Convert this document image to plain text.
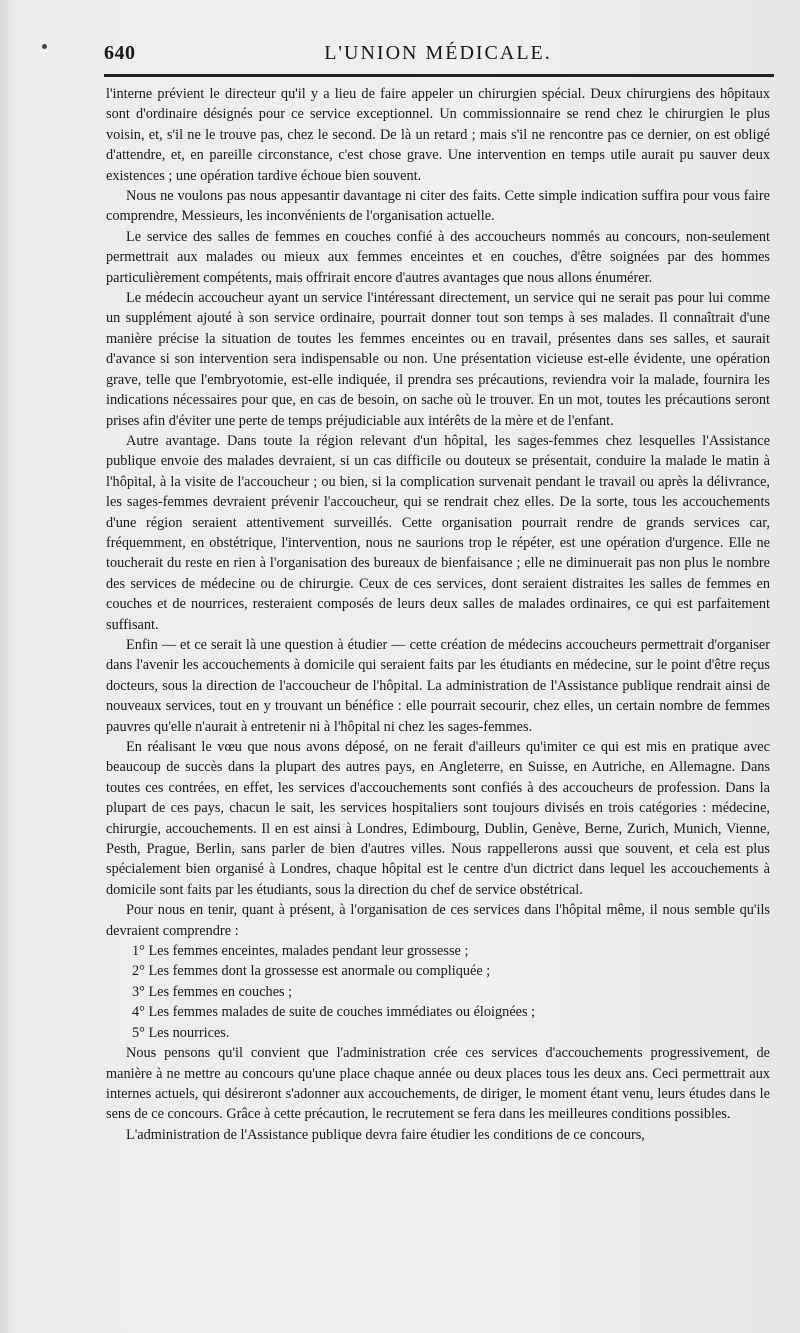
640	L'UNION MÉDICALE.

l'interne prévient le directeur qu'il y a lieu de faire appeler un chirurgien spécial. Deux chirurgiens des hôpitaux sont d'ordinaire désignés pour ce service exceptionnel. Un commissionnaire se rend chez le chirurgien le plus voisin, et, s'il ne le trouve pas, chez le second. De là un retard ; mais s'il ne rencontre pas ce dernier, on est obligé d'attendre, et, en pareille circonstance, c'est chose grave. Une intervention en temps utile aurait pu sauver deux existences ; une opération tardive échoue bien souvent.

Nous ne voulons pas nous appesantir davantage ni citer des faits. Cette simple indication suffira pour vous faire comprendre, Messieurs, les inconvénients de l'organisation actuelle.

Le service des salles de femmes en couches confié à des accoucheurs nommés au concours, non-seulement permettrait aux malades ou mieux aux femmes enceintes et en couches, d'être soignées par des hommes particulièrement compétents, mais offrirait encore d'autres avantages que nous allons énumérer.

Le médecin accoucheur ayant un service l'intéressant directement, un service qui ne serait pas pour lui comme un supplément ajouté à son service ordinaire, pourrait donner tout son temps à ses malades. Il connaîtrait d'une manière précise la situation de toutes les femmes enceintes ou en travail, présentes dans ses salles, et saurait d'avance si son intervention sera indispensable ou non. Une présentation vicieuse est-elle évidente, une opération grave, telle que l'embryotomie, est-elle indiquée, il prendra ses précautions, reviendra voir la malade, fournira les indications nécessaires pour que, en cas de besoin, on sache où le trouver. En un mot, toutes les précautions seront prises afin d'éviter une perte de temps préjudiciable aux intérêts de la mère et de l'enfant.

Autre avantage. Dans toute la région relevant d'un hôpital, les sages-femmes chez lesquelles l'Assistance publique envoie des malades devraient, si un cas difficile ou douteux se présentait, conduire la malade le matin à l'hôpital, à la visite de l'accoucheur ; ou bien, si la complication survenait pendant le travail ou après la délivrance, les sages-femmes devraient prévenir l'accoucheur, qui se rendrait chez elles. De la sorte, tous les accouchements d'une région seraient attentivement surveillés. Cette organisation pourrait rendre de grands services car, fréquemment, en obstétrique, l'intervention, nous ne saurions trop le répéter, est une opération d'urgence. Elle ne toucherait du reste en rien à l'organisation des bureaux de bienfaisance ; elle ne diminuerait pas non plus le nombre des services de médecine ou de chirurgie. Ceux de ces services, dont seraient distraites les salles de femmes en couches et de nourrices, resteraient composés de leurs deux salles de malades ordinaires, ce qui est parfaitement suffisant.

Enfin — et ce serait là une question à étudier — cette création de médecins accoucheurs permettrait d'organiser dans l'avenir les accouchements à domicile qui seraient faits par les étudiants en médecine, sur le point d'être reçus docteurs, sous la direction de l'accoucheur de l'hôpital. La administration de l'Assistance publique rendrait ainsi de nouveaux services, tout en y trouvant un bénéfice : elle pourrait secourir, chez elles, un certain nombre de femmes pauvres qu'elle n'aurait à entretenir ni à l'hôpital ni chez les sages-femmes.

En réalisant le vœu que nous avons déposé, on ne ferait d'ailleurs qu'imiter ce qui est mis en pratique avec beaucoup de succès dans la plupart des autres pays, en Angleterre, en Suisse, en Autriche, en Allemagne. Dans toutes ces contrées, en effet, les services d'accouchements sont confiés à des accoucheurs de profession. Dans la plupart de ces pays, chacun le sait, les services hospitaliers sont toujours divisés en trois catégories : médecine, chirurgie, accouchements. Il en est ainsi à Londres, Edimbourg, Dublin, Genève, Berne, Zurich, Munich, Vienne, Pesth, Prague, Berlin, sans parler de bien d'autres villes. Nous rappellerons aussi que souvent, et cela est plus spécialement bien organisé à Londres, chaque hôpital est le centre d'un dictrict dans lequel les accouchements à domicile sont faits par les étudiants, sous la direction du chef de service obstétrical.

Pour nous en tenir, quant à présent, à l'organisation de ces services dans l'hôpital même, il nous semble qu'ils devraient comprendre :

1° Les femmes enceintes, malades pendant leur grossesse ;
2° Les femmes dont la grossesse est anormale ou compliquée ;
3° Les femmes en couches ;
4° Les femmes malades de suite de couches immédiates ou éloignées ;
5° Les nourrices.

Nous pensons qu'il convient que l'administration crée ces services d'accouchements progressivement, de manière à ne mettre au concours qu'une place chaque année ou deux places tous les deux ans. Ceci permettrait aux internes actuels, qui désireront s'adonner aux accouchements, de diriger, le moment étant venu, leurs études dans le sens de ce concours. Grâce à cette précaution, le recrutement se fera dans les meilleures conditions possibles.

L'administration de l'Assistance publique devra faire étudier les conditions de ce concours,
